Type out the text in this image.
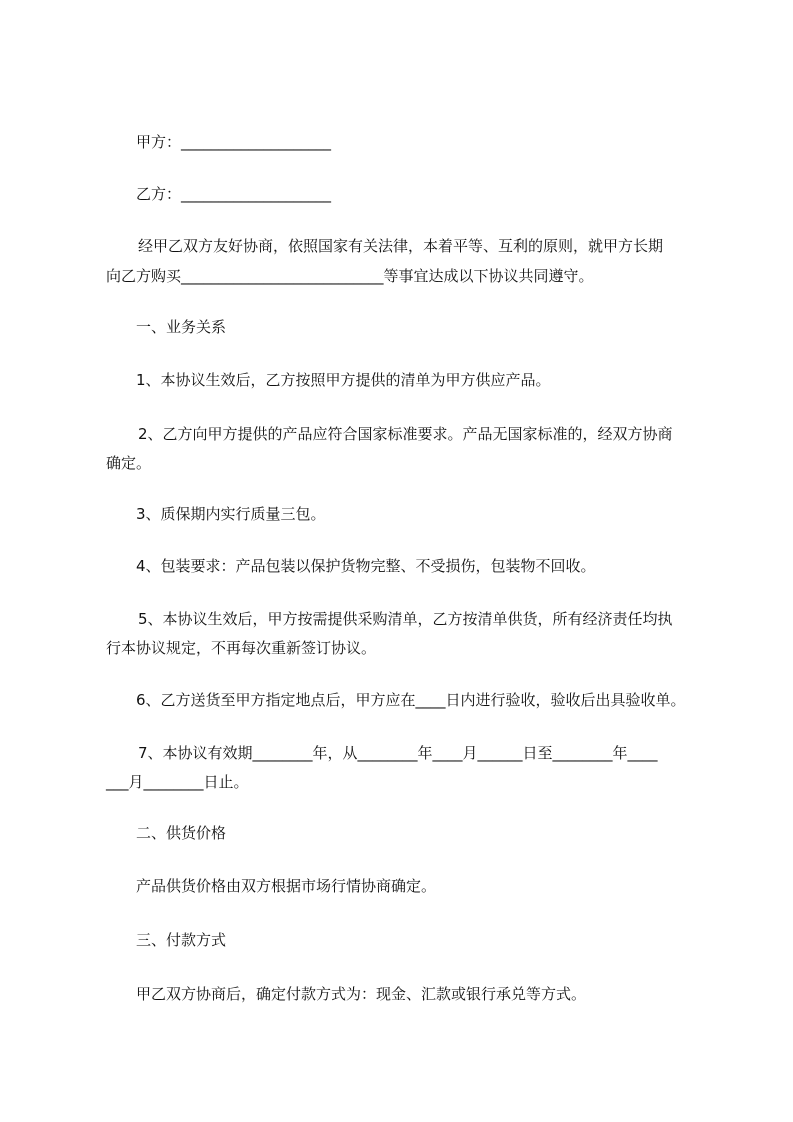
甲方：____________________
乙方：____________________
经甲乙双方友好协商，依照国家有关法律，本着平等、互利的原则，就甲方长期
向乙方购买___________________________等事宜达成以下协议共同遵守。
一、业务关系
1、本协议生效后，乙方按照甲方提供的清单为甲方供应产品。
2、乙方向甲方提供的产品应符合国家标准要求。产品无国家标准的，经双方协商
确定。
3、质保期内实行质量三包。
4、包装要求：产品包装以保护货物完整、不受损伤，包装物不回收。
5、本协议生效后，甲方按需提供采购清单，乙方按清单供货，所有经济责任均执
行本协议规定，不再每次重新签订协议。
6、乙方送货至甲方指定地点后，甲方应在____日内进行验收，验收后出具验收单。
7、本协议有效期________年，从________年____月______日至________年____
___月________日止。
二、供货价格
产品供货价格由双方根据市场行情协商确定。
三、付款方式
甲乙双方协商后，确定付款方式为：现金、汇款或银行承兑等方式。
